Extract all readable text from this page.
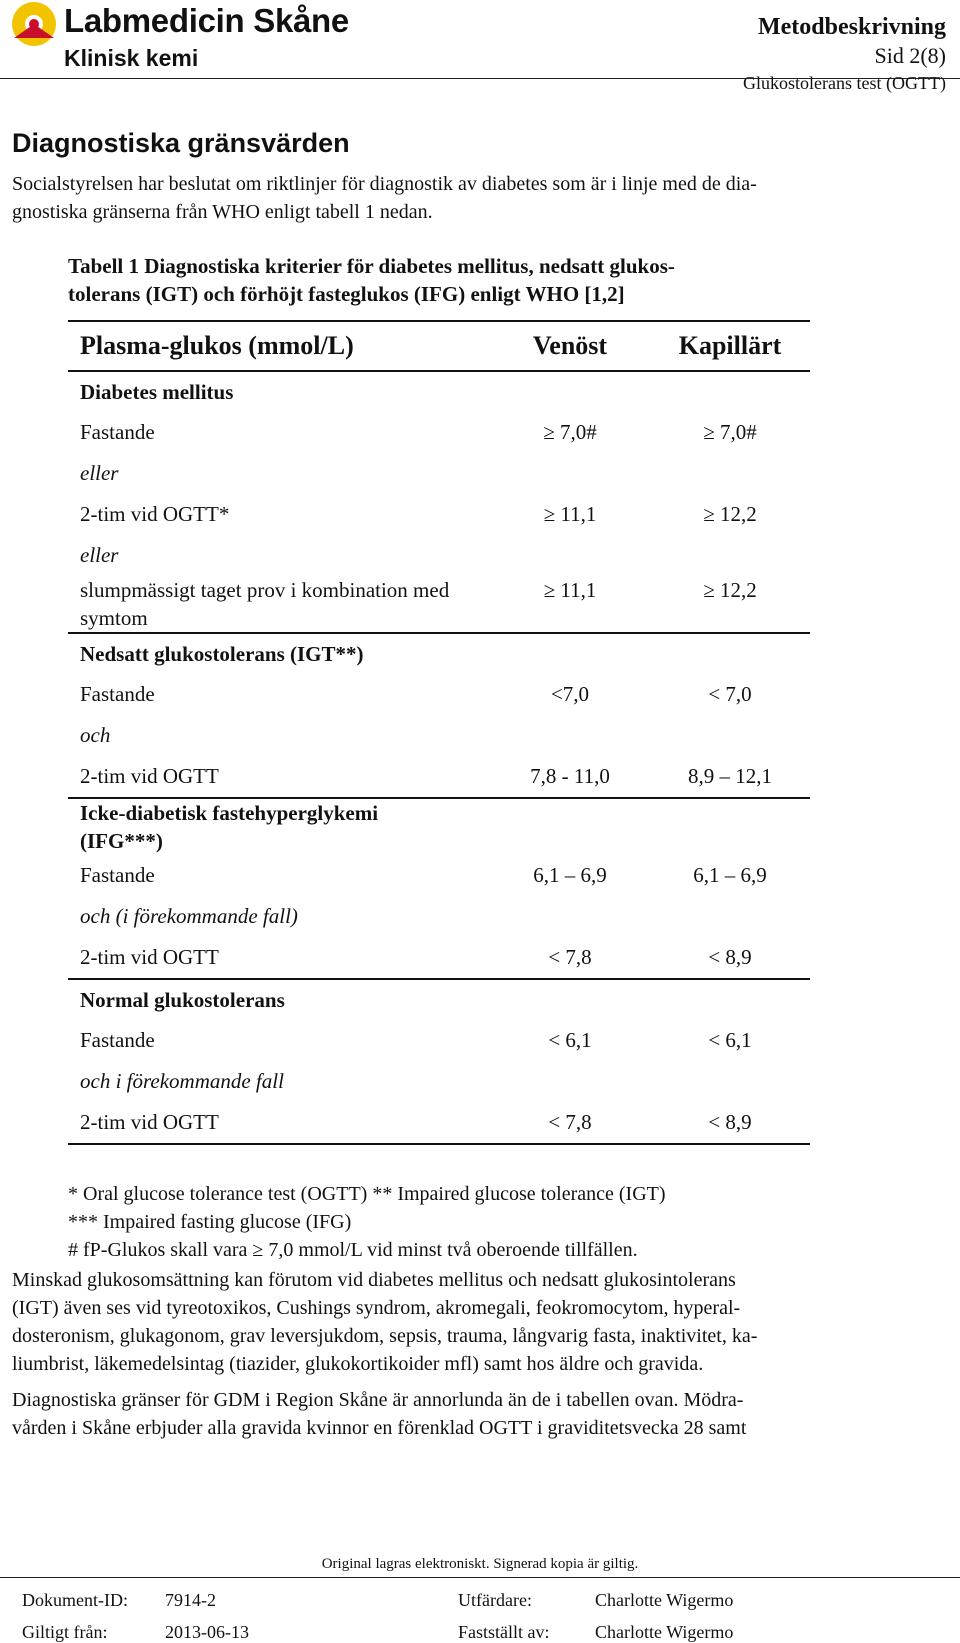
Labmedicin Skåne
Klinisk kemi
Metodbeskrivning
Sid 2(8)
Glukostolerans test (OGTT)
Diagnostiska gränsvärden
Socialstyrelsen har beslutat om riktlinjer för diagnostik av diabetes som är i linje med de dia-
gnostiska gränserna från WHO enligt tabell 1 nedan.
Tabell 1 Diagnostiska kriterier för diabetes mellitus, nedsatt glukos-
tolerans (IGT) och förhöjt fasteglukos (IFG) enligt WHO [1,2]
Plasma-glukos (mmol/L)	Venöst	Kapillärt
Diabetes mellitus		
Fastande	≥ 7,0#	≥ 7,0#
eller		
2-tim vid OGTT*	≥ 11,1	≥ 12,2
eller		
slumpmässigt taget prov i kombination med symtom	≥ 11,1	≥ 12,2
Nedsatt glukostolerans (IGT**)		
Fastande	<7,0	< 7,0
och		
2-tim vid OGTT	7,8 - 11,0	8,9 – 12,1
Icke-diabetisk fastehyperglykemi (IFG***)		
Fastande	6,1 – 6,9	6,1 – 6,9
och (i förekommande fall)		
2-tim vid OGTT	< 7,8	< 8,9
Normal glukostolerans		
Fastande	< 6,1	< 6,1
och i förekommande fall		
2-tim vid OGTT	< 7,8	< 8,9
* Oral glucose tolerance test (OGTT) ** Impaired glucose tolerance (IGT)
*** Impaired fasting glucose (IFG)
# fP-Glukos skall vara ≥ 7,0 mmol/L vid minst två oberoende tillfällen.
Minskad glukosomsättning kan förutom vid diabetes mellitus och nedsatt glukosintolerans
(IGT) även ses vid tyreotoxikos, Cushings syndrom, akromegali, feokromocytom, hyperal-
dosteronism, glukagonom, grav leversjukdom, sepsis, trauma, långvarig fasta, inaktivitet, ka-
liumbrist, läkemedelsintag (tiazider, glukokortikoider mfl) samt hos äldre och gravida.
Diagnostiska gränser för GDM i Region Skåne är annorlunda än de i tabellen ovan. Mödra-
vården i Skåne erbjuder alla gravida kvinnor en förenklad OGTT i graviditetsvecka 28 samt
Original lagras elektroniskt. Signerad kopia är giltig.
Dokument-ID: 7914-2	Utfärdare:	Charlotte Wigermo
Giltigt från:	2013-06-13	Fastställt av:	Charlotte Wigermo
